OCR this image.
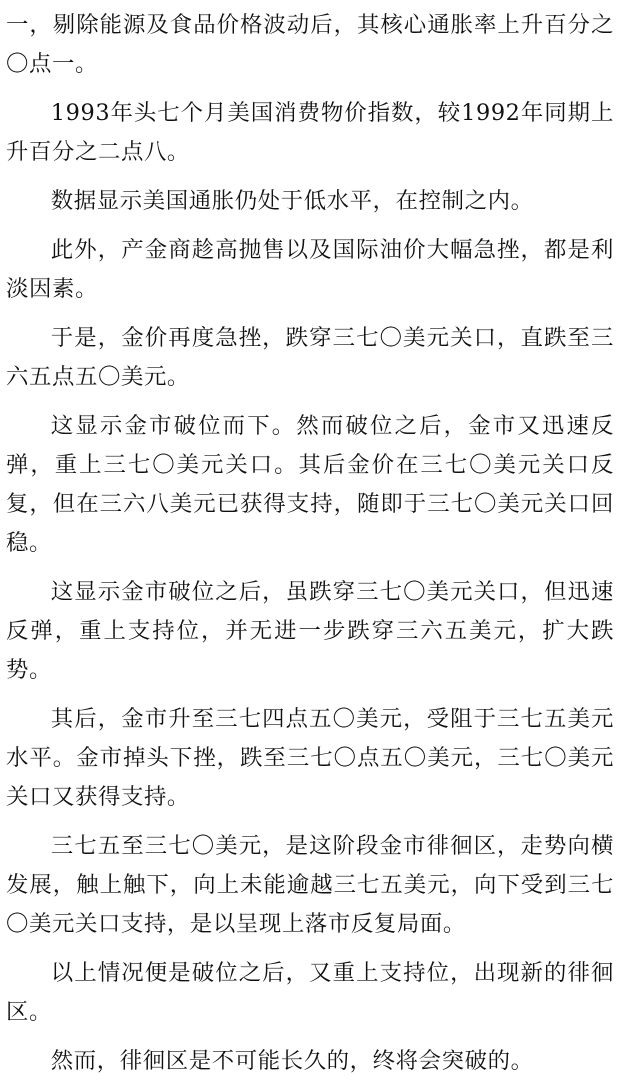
一，剔除能源及食品价格波动后，其核心通胀率上升百分之〇点一。

1993年头七个月美国消费物价指数，较1992年同期上升百分之二点八。

数据显示美国通胀仍处于低水平，在控制之内。

此外，产金商趁高抛售以及国际油价大幅急挫，都是利淡因素。

于是，金价再度急挫，跌穿三七〇美元关口，直跌至三六五点五〇美元。

这显示金市破位而下。然而破位之后，金市又迅速反弹，重上三七〇美元关口。其后金价在三七〇美元关口反复，但在三六八美元已获得支持，随即于三七〇美元关口回稳。

这显示金市破位之后，虽跌穿三七〇美元关口，但迅速反弹，重上支持位，并无进一步跌穿三六五美元，扩大跌势。

其后，金市升至三七四点五〇美元，受阻于三七五美元水平。金市掉头下挫，跌至三七〇点五〇美元，三七〇美元关口又获得支持。

三七五至三七〇美元，是这阶段金市徘徊区，走势向横发展，触上触下，向上未能逾越三七五美元，向下受到三七〇美元关口支持，是以呈现上落市反复局面。

以上情况便是破位之后，又重上支持位，出现新的徘徊区。

然而，徘徊区是不可能长久的，终将会突破的。
